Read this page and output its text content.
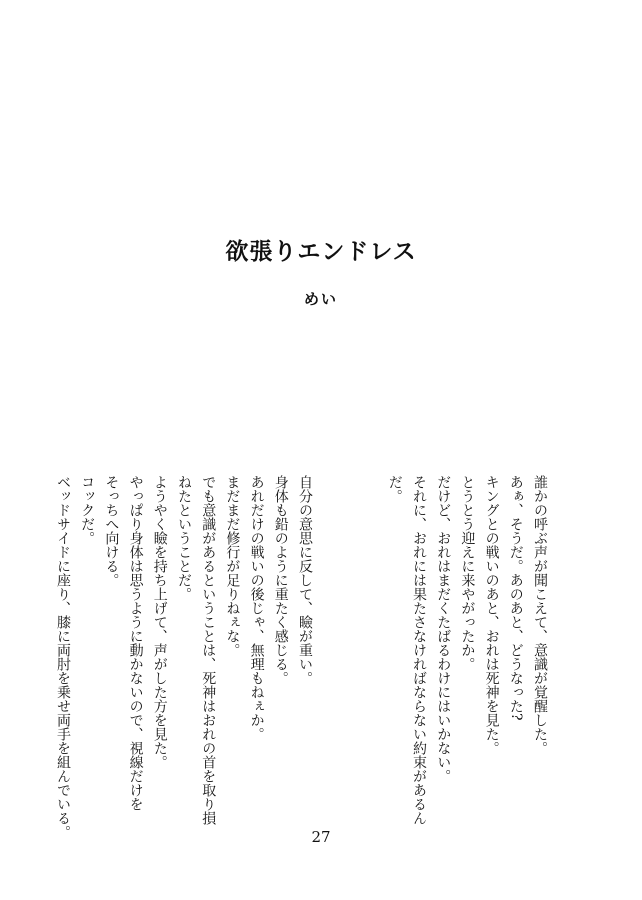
欲張りエンドレス

めい

誰かの呼ぶ声が聞こえて、意識が覚醒した。
あぁ、そうだ。あのあと、どうなった?
キングとの戦いのあと、おれは死神を見た。
とうとう迎えに来やがったか。
だけど、おれはまだくたばるわけにはいかない。
それに、おれには果たさなければならない約束があるん
だ。
自分の意思に反して、瞼が重い。
身体も鉛のように重たく感じる。
あれだけの戦いの後じゃ、無理もねぇか。
まだまだ修行が足りねぇな。
でも意識があるということは、死神はおれの首を取り損
ねたということだ。
ようやく瞼を持ち上げて、声がした方を見た。
やっぱり身体は思うように動かないので、視線だけを
そっちへ向ける。
コックだ。
ベッドサイドに座り、膝に両肘を乗せ両手を組んでいる。	27
